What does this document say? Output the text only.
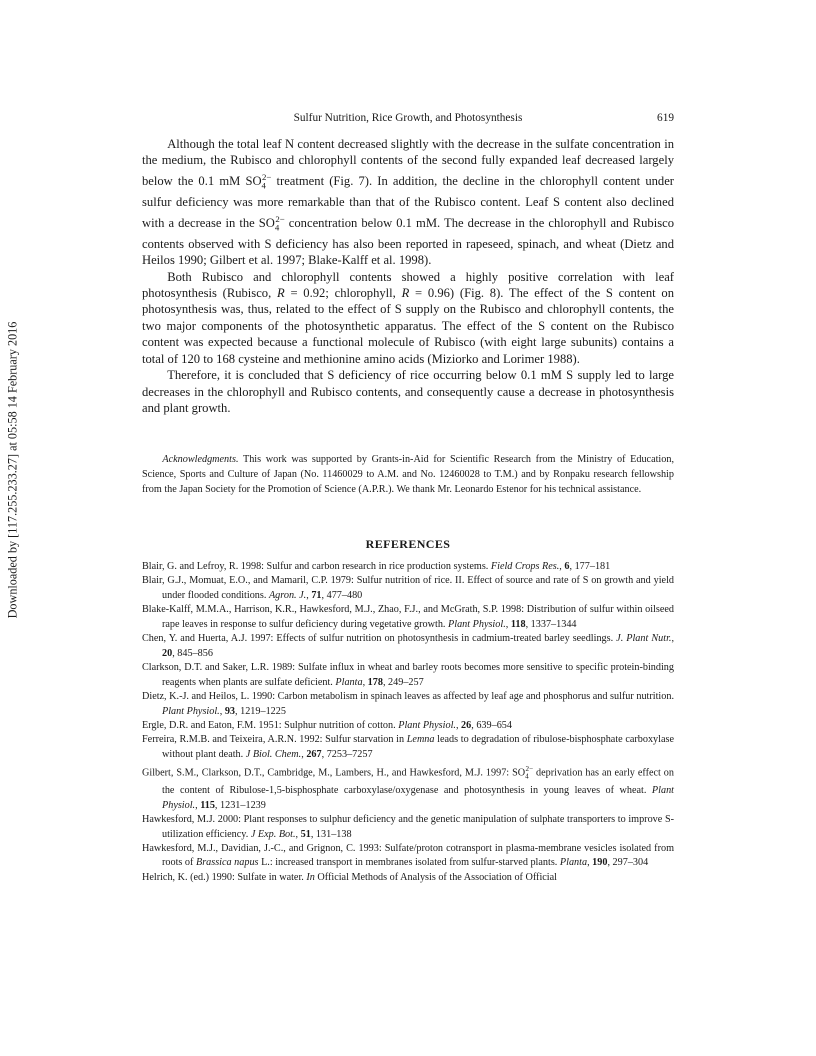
Downloaded by [117.255.233.27] at 05:58 14 February 2016
Sulfur Nutrition, Rice Growth, and Photosynthesis	619

Although the total leaf N content decreased slightly with the decrease in the sulfate concentration in the medium, the Rubisco and chlorophyll contents of the second fully expanded leaf decreased largely below the 0.1 mM $SO_4^{2-}$ treatment (Fig. 7). In addition, the decline in the chlorophyll content under sulfur deficiency was more remarkable than that of the Rubisco content. Leaf S content also declined with a decrease in the $SO_4^{2-}$ concentration below 0.1 mM. The decrease in the chlorophyll and Rubisco contents observed with S deficiency has also been reported in rapeseed, spinach, and wheat (Dietz and Heilos 1990; Gilbert et al. 1997; Blake-Kalff et al. 1998).

Both Rubisco and chlorophyll contents showed a highly positive correlation with leaf photosynthesis (Rubisco, R = 0.92; chlorophyll, R = 0.96) (Fig. 8). The effect of the S content on photosynthesis was, thus, related to the effect of S supply on the Rubisco and chlorophyll contents, the two major components of the photosynthetic apparatus. The effect of the S content on the Rubisco content was expected because a functional molecule of Rubisco (with eight large subunits) contains a total of 120 to 168 cysteine and methionine amino acids (Miziorko and Lorimer 1988).

Therefore, it is concluded that S deficiency of rice occurring below 0.1 mM S supply led to large decreases in the chlorophyll and Rubisco contents, and consequently cause a decrease in photosynthesis and plant growth.

Acknowledgments. This work was supported by Grants-in-Aid for Scientific Research from the Ministry of Education, Science, Sports and Culture of Japan (No. 11460029 to A.M. and No. 12460028 to T.M.) and by Ronpaku research fellowship from the Japan Society for the Promotion of Science (A.P.R.). We thank Mr. Leonardo Estenor for his technical assistance.
REFERENCES
Blair, G. and Lefroy, R. 1998: Sulfur and carbon research in rice production systems. Field Crops Res., 6, 177–181
Blair, G.J., Momuat, E.O., and Mamaril, C.P. 1979: Sulfur nutrition of rice. II. Effect of source and rate of S on growth and yield under flooded conditions. Agron. J., 71, 477–480
Blake-Kalff, M.M.A., Harrison, K.R., Hawkesford, M.J., Zhao, F.J., and McGrath, S.P. 1998: Distribution of sulfur within oilseed rape leaves in response to sulfur deficiency during vegetative growth. Plant Physiol., 118, 1337–1344
Chen, Y. and Huerta, A.J. 1997: Effects of sulfur nutrition on photosynthesis in cadmium-treated barley seedlings. J. Plant Nutr., 20, 845–856
Clarkson, D.T. and Saker, L.R. 1989: Sulfate influx in wheat and barley roots becomes more sensitive to specific protein-binding reagents when plants are sulfate deficient. Planta, 178, 249–257
Dietz, K.-J. and Heilos, L. 1990: Carbon metabolism in spinach leaves as affected by leaf age and phosphorus and sulfur nutrition. Plant Physiol., 93, 1219–1225
Ergle, D.R. and Eaton, F.M. 1951: Sulphur nutrition of cotton. Plant Physiol., 26, 639–654
Ferreira, R.M.B. and Teixeira, A.R.N. 1992: Sulfur starvation in Lemna leads to degradation of ribulose-bisphosphate carboxylase without plant death. J Biol. Chem., 267, 7253–7257
Gilbert, S.M., Clarkson, D.T., Cambridge, M., Lambers, H., and Hawkesford, M.J. 1997: $SO_4^{2-}$ deprivation has an early effect on the content of Ribulose-1,5-bisphosphate carboxylase/oxygenase and photosynthesis in young leaves of wheat. Plant Physiol., 115, 1231–1239
Hawkesford, M.J. 2000: Plant responses to sulphur deficiency and the genetic manipulation of sulphate transporters to improve S-utilization efficiency. J Exp. Bot., 51, 131–138
Hawkesford, M.J., Davidian, J.-C., and Grignon, C. 1993: Sulfate/proton cotransport in plasma-membrane vesicles isolated from roots of Brassica napus L.: increased transport in membranes isolated from sulfur-starved plants. Planta, 190, 297–304
Helrich, K. (ed.) 1990: Sulfate in water. In Official Methods of Analysis of the Association of Official
